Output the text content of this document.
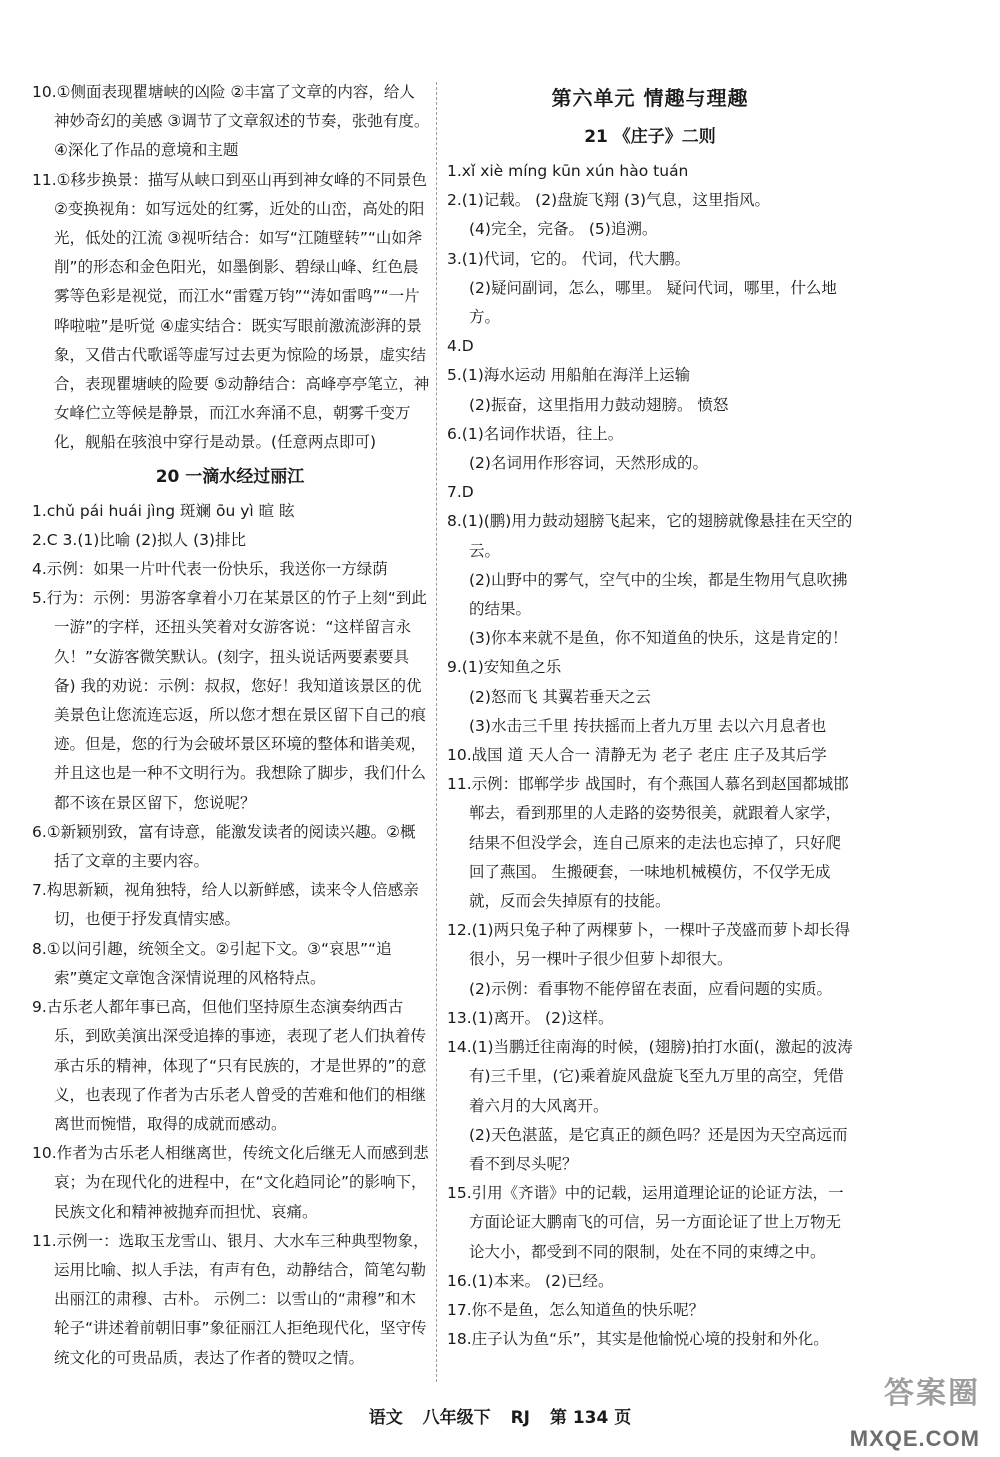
10.①侧面表现瞿塘峡的凶险 ②丰富了文章的内容，给人神妙奇幻的美感 ③调节了文章叙述的节奏，张弛有度。④深化了作品的意境和主题

11.①移步换景：描写从峡口到巫山再到神女峰的不同景色 ②变换视角：如写远处的红雾，近处的山峦，高处的阳光，低处的江流 ③视听结合：如写“江随壁转”“山如斧削”的形态和金色阳光，如墨倒影、碧绿山峰、红色晨雾等色彩是视觉，而江水“雷霆万钧”“涛如雷鸣”“一片哗啦啦”是听觉 ④虚实结合：既实写眼前激流澎湃的景象，又借古代歌谣等虚写过去更为惊险的场景，虚实结合，表现瞿塘峡的险要 ⑤动静结合：高峰亭亭笔立，神女峰伫立等候是静景，而江水奔涌不息，朝雾千变万化，舰船在骇浪中穿行是动景。(任意两点即可)

20 一滴水经过丽江

1.chǔ pái huái jìng 斑斓 ōu yì 暄 眩

2.C 3.(1)比喻 (2)拟人 (3)排比

4.示例：如果一片叶代表一份快乐，我送你一方绿荫

5.行为：示例：男游客拿着小刀在某景区的竹子上刻“到此一游”的字样，还扭头笑着对女游客说：“这样留言永久！”女游客微笑默认。(刻字，扭头说话两要素要具备) 我的劝说：示例：叔叔，您好！我知道该景区的优美景色让您流连忘返，所以您才想在景区留下自己的痕迹。但是，您的行为会破坏景区环境的整体和谐美观，并且这也是一种不文明行为。我想除了脚步，我们什么都不该在景区留下，您说呢？

6.①新颖别致，富有诗意，能激发读者的阅读兴趣。②概括了文章的主要内容。

7.构思新颖，视角独特，给人以新鲜感，读来令人倍感亲切，也便于抒发真情实感。

8.①以问引趣，统领全文。②引起下文。③“哀思”“追索”奠定文章饱含深情说理的风格特点。

9.古乐老人都年事已高，但他们坚持原生态演奏纳西古乐，到欧美演出深受追捧的事迹，表现了老人们执着传承古乐的精神，体现了“只有民族的，才是世界的”的意义，也表现了作者为古乐老人曾受的苦难和他们的相继离世而惋惜，取得的成就而感动。

10.作者为古乐老人相继离世，传统文化后继无人而感到悲哀；为在现代化的进程中，在“文化趋同论”的影响下，民族文化和精神被抛弃而担忧、哀痛。

11.示例一：选取玉龙雪山、银月、大水车三种典型物象，运用比喻、拟人手法，有声有色，动静结合，简笔勾勒出丽江的肃穆、古朴。 示例二：以雪山的“肃穆”和木轮子“讲述着前朝旧事”象征丽江人拒绝现代化，坚守传统文化的可贵品质，表达了作者的赞叹之情。

第六单元 情趣与理趣
21 《庄子》二则

1.xǐ xiè míng kūn xún hào tuán

2.(1)记载。 (2)盘旋飞翔 (3)气息，这里指风。

(4)完全，完备。 (5)追溯。

3.(1)代词，它的。 代词，代大鹏。

(2)疑问副词，怎么，哪里。 疑问代词，哪里，什么地方。

4.D

5.(1)海水运动 用船舶在海洋上运输

(2)振奋，这里指用力鼓动翅膀。 愤怒

6.(1)名词作状语，往上。

(2)名词用作形容词，天然形成的。

7.D

8.(1)(鹏)用力鼓动翅膀飞起来，它的翅膀就像悬挂在天空的云。

(2)山野中的雾气，空气中的尘埃，都是生物用气息吹拂的结果。

(3)你本来就不是鱼，你不知道鱼的快乐，这是肯定的！

9.(1)安知鱼之乐

(2)怒而飞 其翼若垂天之云

(3)水击三千里 抟扶摇而上者九万里 去以六月息者也

10.战国 道 天人合一 清静无为 老子 老庄 庄子及其后学

11.示例：邯郸学步 战国时，有个燕国人慕名到赵国都城邯郸去，看到那里的人走路的姿势很美，就跟着人家学，结果不但没学会，连自己原来的走法也忘掉了，只好爬回了燕国。 生搬硬套，一味地机械模仿，不仅学无成就，反而会失掉原有的技能。

12.(1)两只兔子种了两棵萝卜，一棵叶子茂盛而萝卜却长得很小，另一棵叶子很少但萝卜却很大。

(2)示例：看事物不能停留在表面，应看问题的实质。

13.(1)离开。 (2)这样。

14.(1)当鹏迁往南海的时候，(翅膀)拍打水面(，激起的波涛有)三千里，(它)乘着旋风盘旋飞至九万里的高空，凭借着六月的大风离开。

(2)天色湛蓝，是它真正的颜色吗？还是因为天空高远而看不到尽头呢？

15.引用《齐谐》中的记载，运用道理论证的论证方法，一方面论证大鹏南飞的可信，另一方面论证了世上万物无论大小，都受到不同的限制，处在不同的束缚之中。

16.(1)本来。 (2)已经。

17.你不是鱼，怎么知道鱼的快乐呢？

18.庄子认为鱼“乐”，其实是他愉悦心境的投射和外化。

语文 八年级下 RJ 第 134 页
答案圈
MXQE.COM
